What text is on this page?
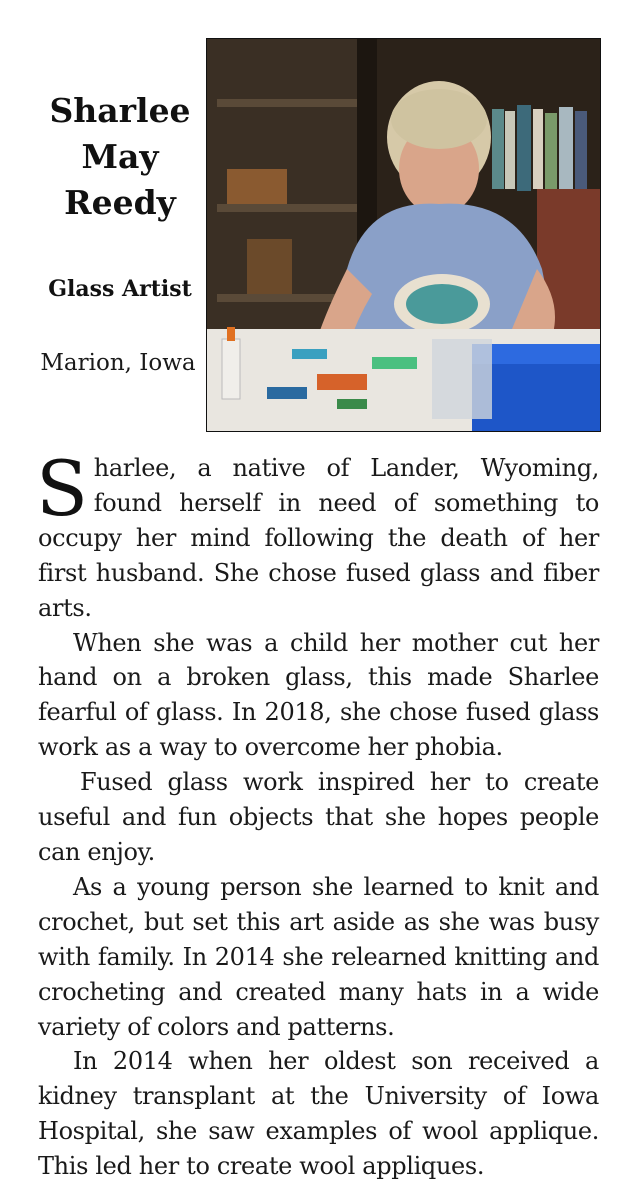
Sharlee
May
Reedy
Glass Artist
Marion, Iowa

Sharlee, a native of Lander, Wyoming, found herself in need of something to occupy her mind following the death of her first husband. She chose fused glass and fiber arts.

When she was a child her mother cut her hand on a broken glass, this made Sharlee fearful of glass. In 2018, she chose fused glass work as a way to overcome her phobia.

Fused glass work inspired her to create useful and fun objects that she hopes people can enjoy.

As a young person she learned to knit and crochet, but set this art aside as she was busy with family. In 2014 she relearned knitting and crocheting and created many hats in a wide variety of colors and patterns.

In 2014 when her oldest son received a kidney transplant at the University of Iowa Hospital, she saw examples of wool applique. This led her to create wool appliques.
